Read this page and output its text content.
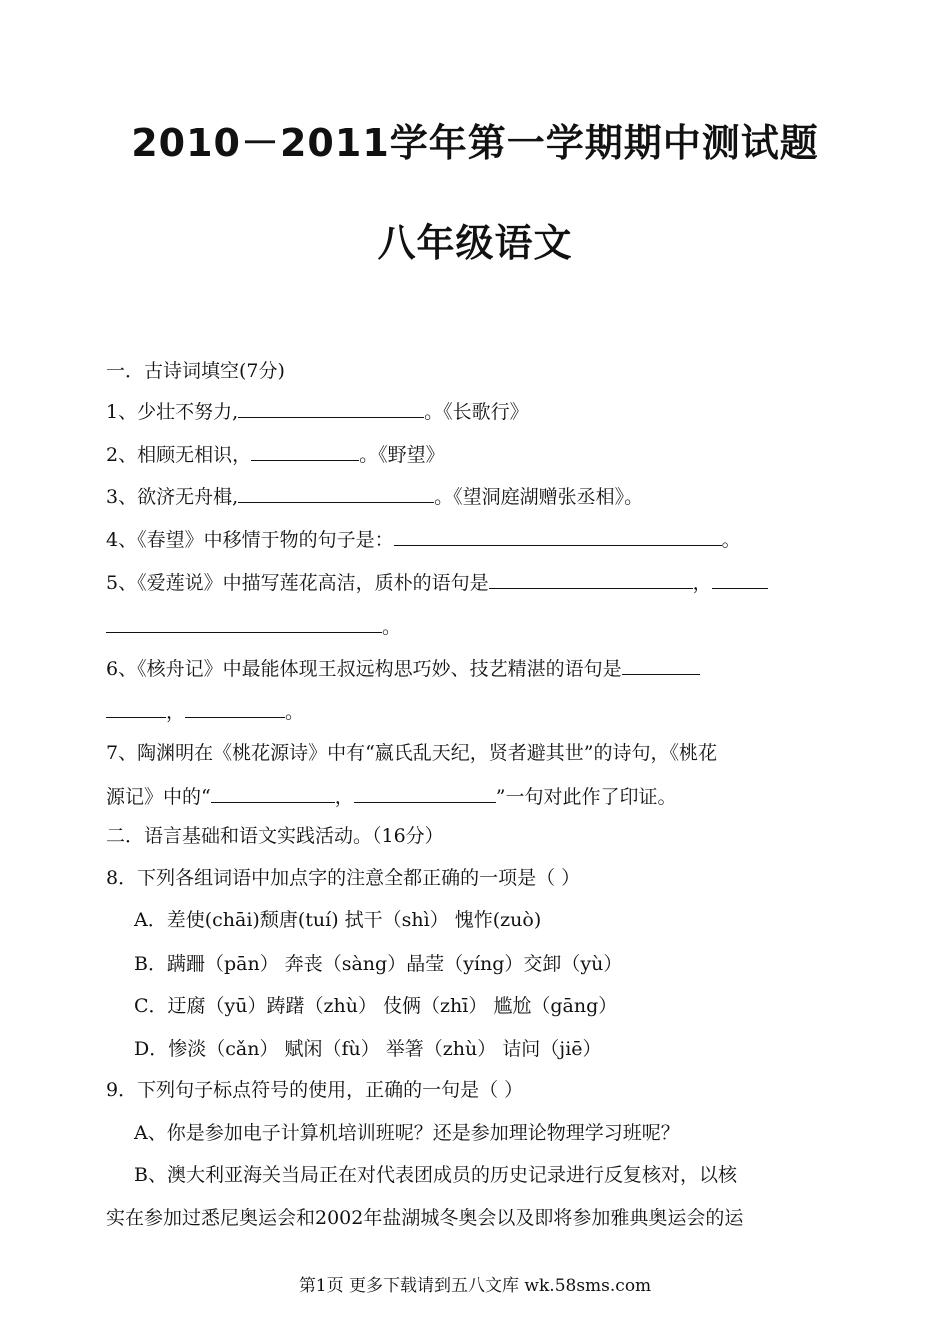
2010－2011学年第一学期期中测试题
八年级语文
一．古诗词填空(7分)
1、少壮不努力,	。《长歌行》
2、相顾无相识，	。《野望》
3、欲济无舟楫,	。《望洞庭湖赠张丞相》。
4、《春望》中移情于物的句子是：	。
5、《爱莲说》中描写莲花高洁，质朴的语句是	，
。
6、《核舟记》中最能体现王叔远构思巧妙、技艺精湛的语句是
，	。
7、陶渊明在《桃花源诗》中有“嬴氏乱天纪，贤者避其世”的诗句，《桃花
源记》中的“	，	”一句对此作了印证。
二．语言基础和语文实践活动。（16分）
8．下列各组词语中加点字的注意全都正确的一项是（ ）
A．差使(chāi)颓唐(tuí) 拭干（shì） 愧怍(zuò)
B．蹒跚（pān） 奔丧（sàng）晶莹（yíng）交卸（yù）
C．迂腐（yū）踌躇（zhù） 伎俩（zhī） 尴尬（gāng）
D．惨淡（cǎn） 赋闲（fù） 举箸（zhù） 诘问（jiē）
9．下列句子标点符号的使用，正确的一句是（ ）
A、你是参加电子计算机培训班呢？还是参加理论物理学习班呢？
B、澳大利亚海关当局正在对代表团成员的历史记录进行反复核对，以核
实在参加过悉尼奥运会和2002年盐湖城冬奥会以及即将参加雅典奥运会的运
第1页 更多下载请到五八文库 wk.58sms.com
